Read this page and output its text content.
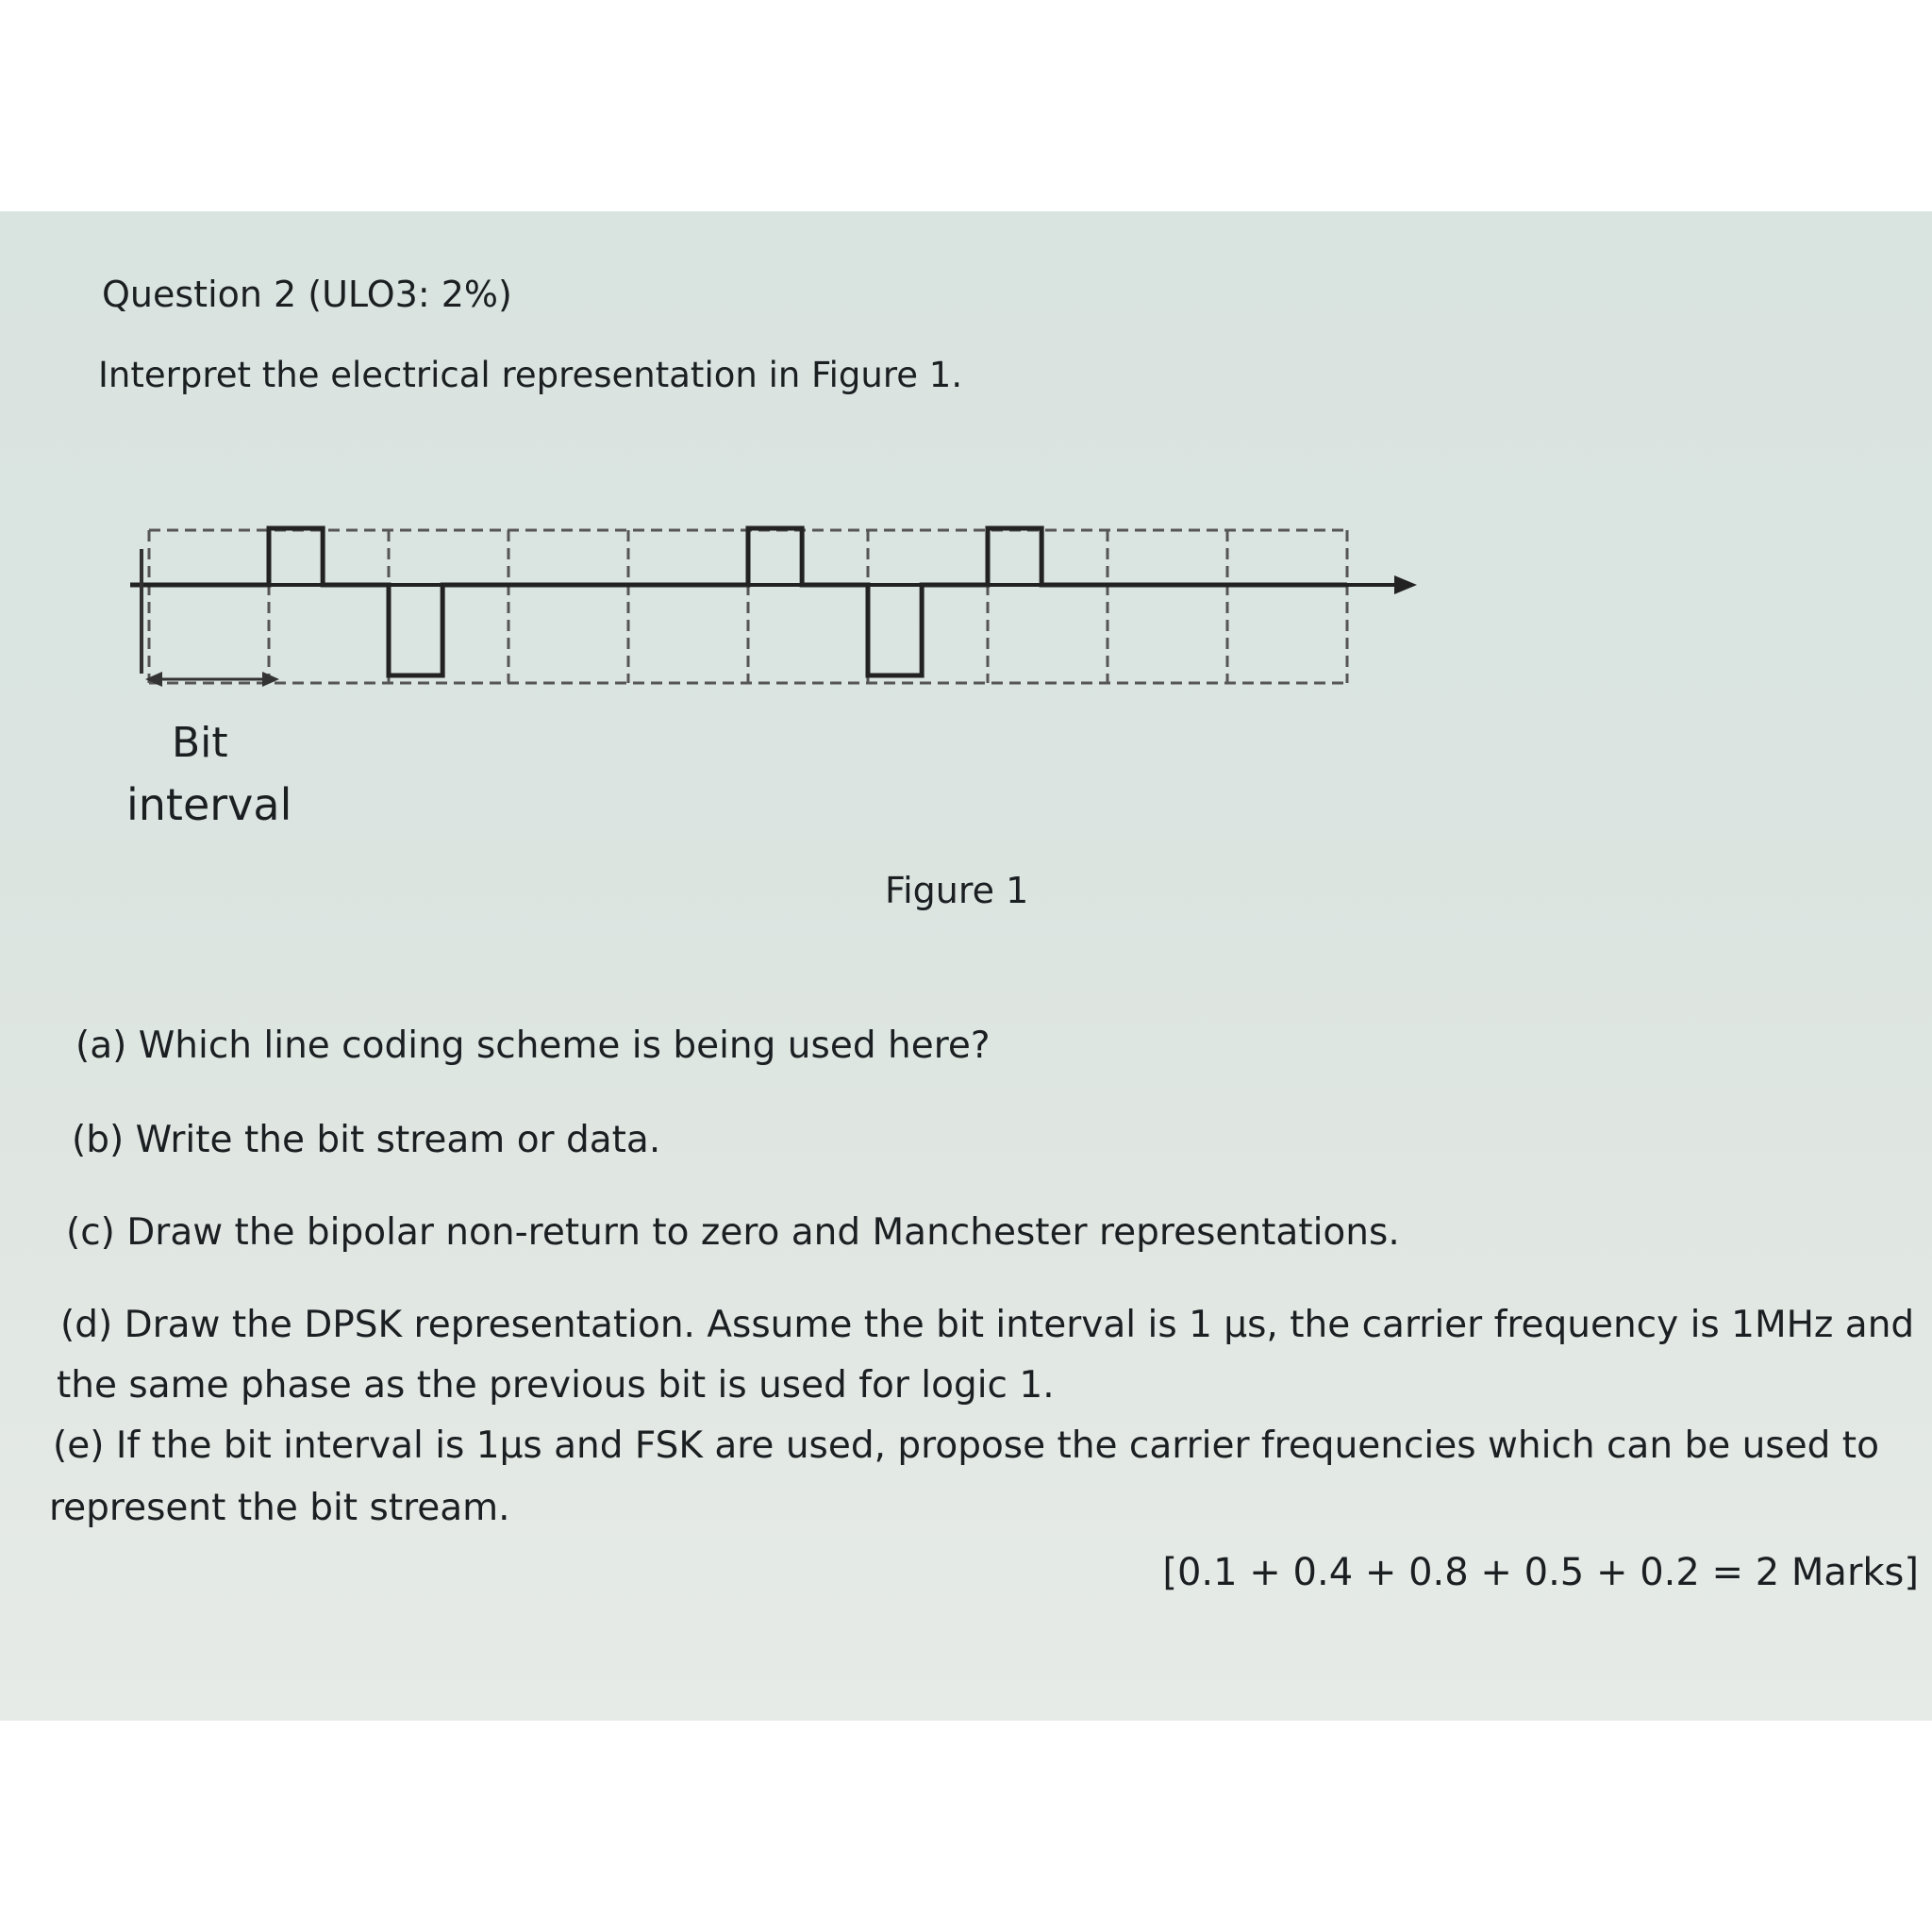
Question 2 (ULO3: 2%)
Interpret the electrical representation in Figure 1.
Bit
interval
Figure 1
(a) Which line coding scheme is being used here?
(b) Write the bit stream or data.
(c) Draw the bipolar non-return to zero and Manchester representations.
(d) Draw the DPSK representation. Assume the bit interval is 1 μs, the carrier frequency is 1MHz and
the same phase as the previous bit is used for logic 1.
(e) If the bit interval is 1μs and FSK are used, propose the carrier frequencies which can be used to
represent the bit stream.
[0.1 + 0.4 + 0.8 + 0.5 + 0.2 = 2 Marks]
